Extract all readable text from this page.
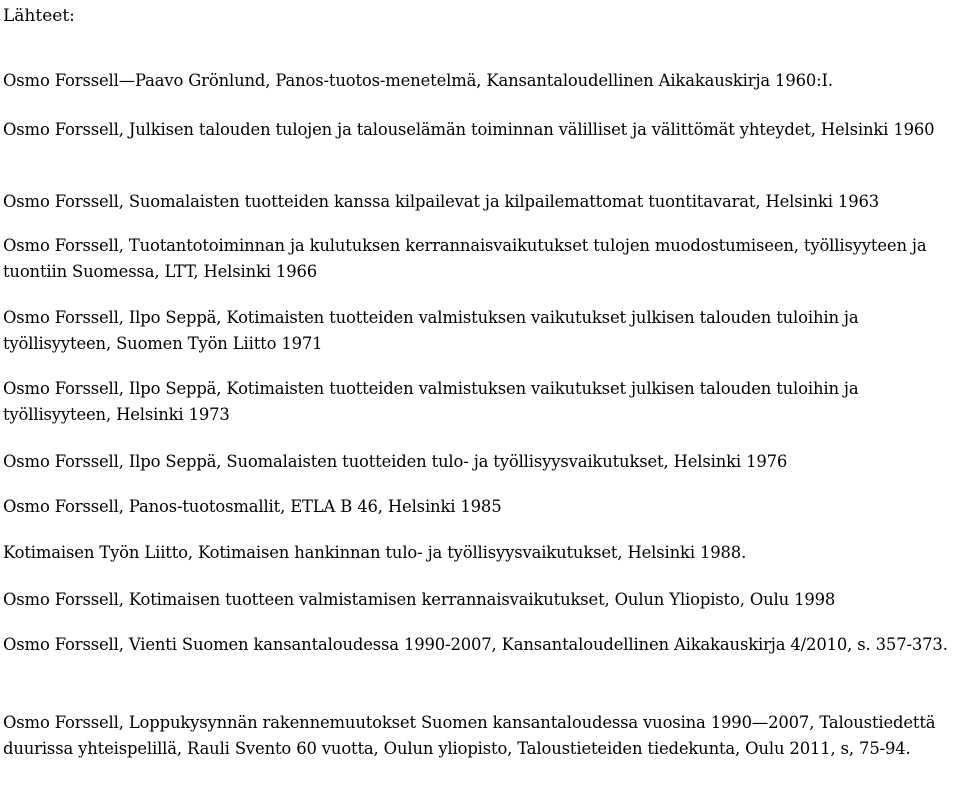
Lähteet:

Osmo Forssell—Paavo Grönlund, Panos-tuotos-menetelmä, Kansantaloudellinen Aikakauskirja 1960:I.

Osmo Forssell, Julkisen talouden tulojen ja talouselämän toiminnan välilliset ja välittömät yhteydet, Helsinki 1960

Osmo Forssell, Suomalaisten tuotteiden kanssa kilpailevat ja kilpailemattomat tuontitavarat, Helsinki 1963

Osmo Forssell, Tuotantotoiminnan ja kulutuksen kerrannaisvaikutukset tulojen muodostumiseen, työllisyyteen ja tuontiin Suomessa, LTT, Helsinki 1966

Osmo Forssell, Ilpo Seppä, Kotimaisten tuotteiden valmistuksen vaikutukset julkisen talouden tuloihin ja työllisyyteen, Suomen Työn Liitto 1971

Osmo Forssell, Ilpo Seppä, Kotimaisten tuotteiden valmistuksen vaikutukset julkisen talouden tuloihin ja työllisyyteen, Helsinki 1973

Osmo Forssell, Ilpo Seppä, Suomalaisten tuotteiden tulo- ja työllisyysvaikutukset, Helsinki 1976

Osmo Forssell, Panos-tuotosmallit, ETLA B 46, Helsinki 1985

Kotimaisen Työn Liitto, Kotimaisen hankinnan tulo- ja työllisyysvaikutukset, Helsinki 1988.

Osmo Forssell, Kotimaisen tuotteen valmistamisen kerrannaisvaikutukset, Oulun Yliopisto, Oulu 1998

Osmo Forssell, Vienti Suomen kansantaloudessa 1990-2007, Kansantaloudellinen Aikakauskirja 4/2010, s. 357-373.

Osmo Forssell, Loppukysynnän rakennemuutokset Suomen kansantaloudessa vuosina 1990—2007, Taloustiedettä duurissa yhteispelillä, Rauli Svento 60 vuotta, Oulun yliopisto, Taloustieteiden tiedekunta, Oulu 2011, s, 75-94.
